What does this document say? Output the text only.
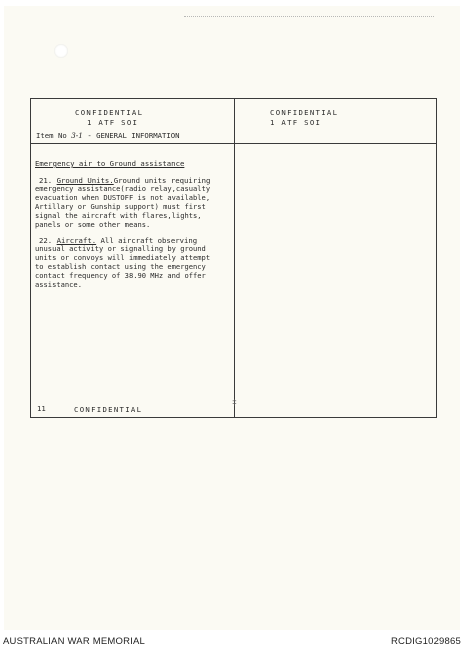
CONFIDENTIAL
1 ATF SOI
CONFIDENTIAL
1 ATF SOI
Item No 3-1 - GENERAL INFORMATION
Emergency air to Ground assistance
21. Ground Units.Ground units requiring
emergency assistance(radio relay,casualty
evacuation when DUSTOFF is not available,
Artillary or Gunship support) must first
signal the aircraft with flares,lights,
panels or some other means.
22. Aircraft. All aircraft observing
unusual activity or signalling by ground
units or convoys will immediately attempt
to establish contact using the emergency
contact frequency of 38.90 MHz and offer
assistance.
11	CONFIDENTIAL
‡
AUSTRALIAN WAR MEMORIAL	RCDIG1029865
